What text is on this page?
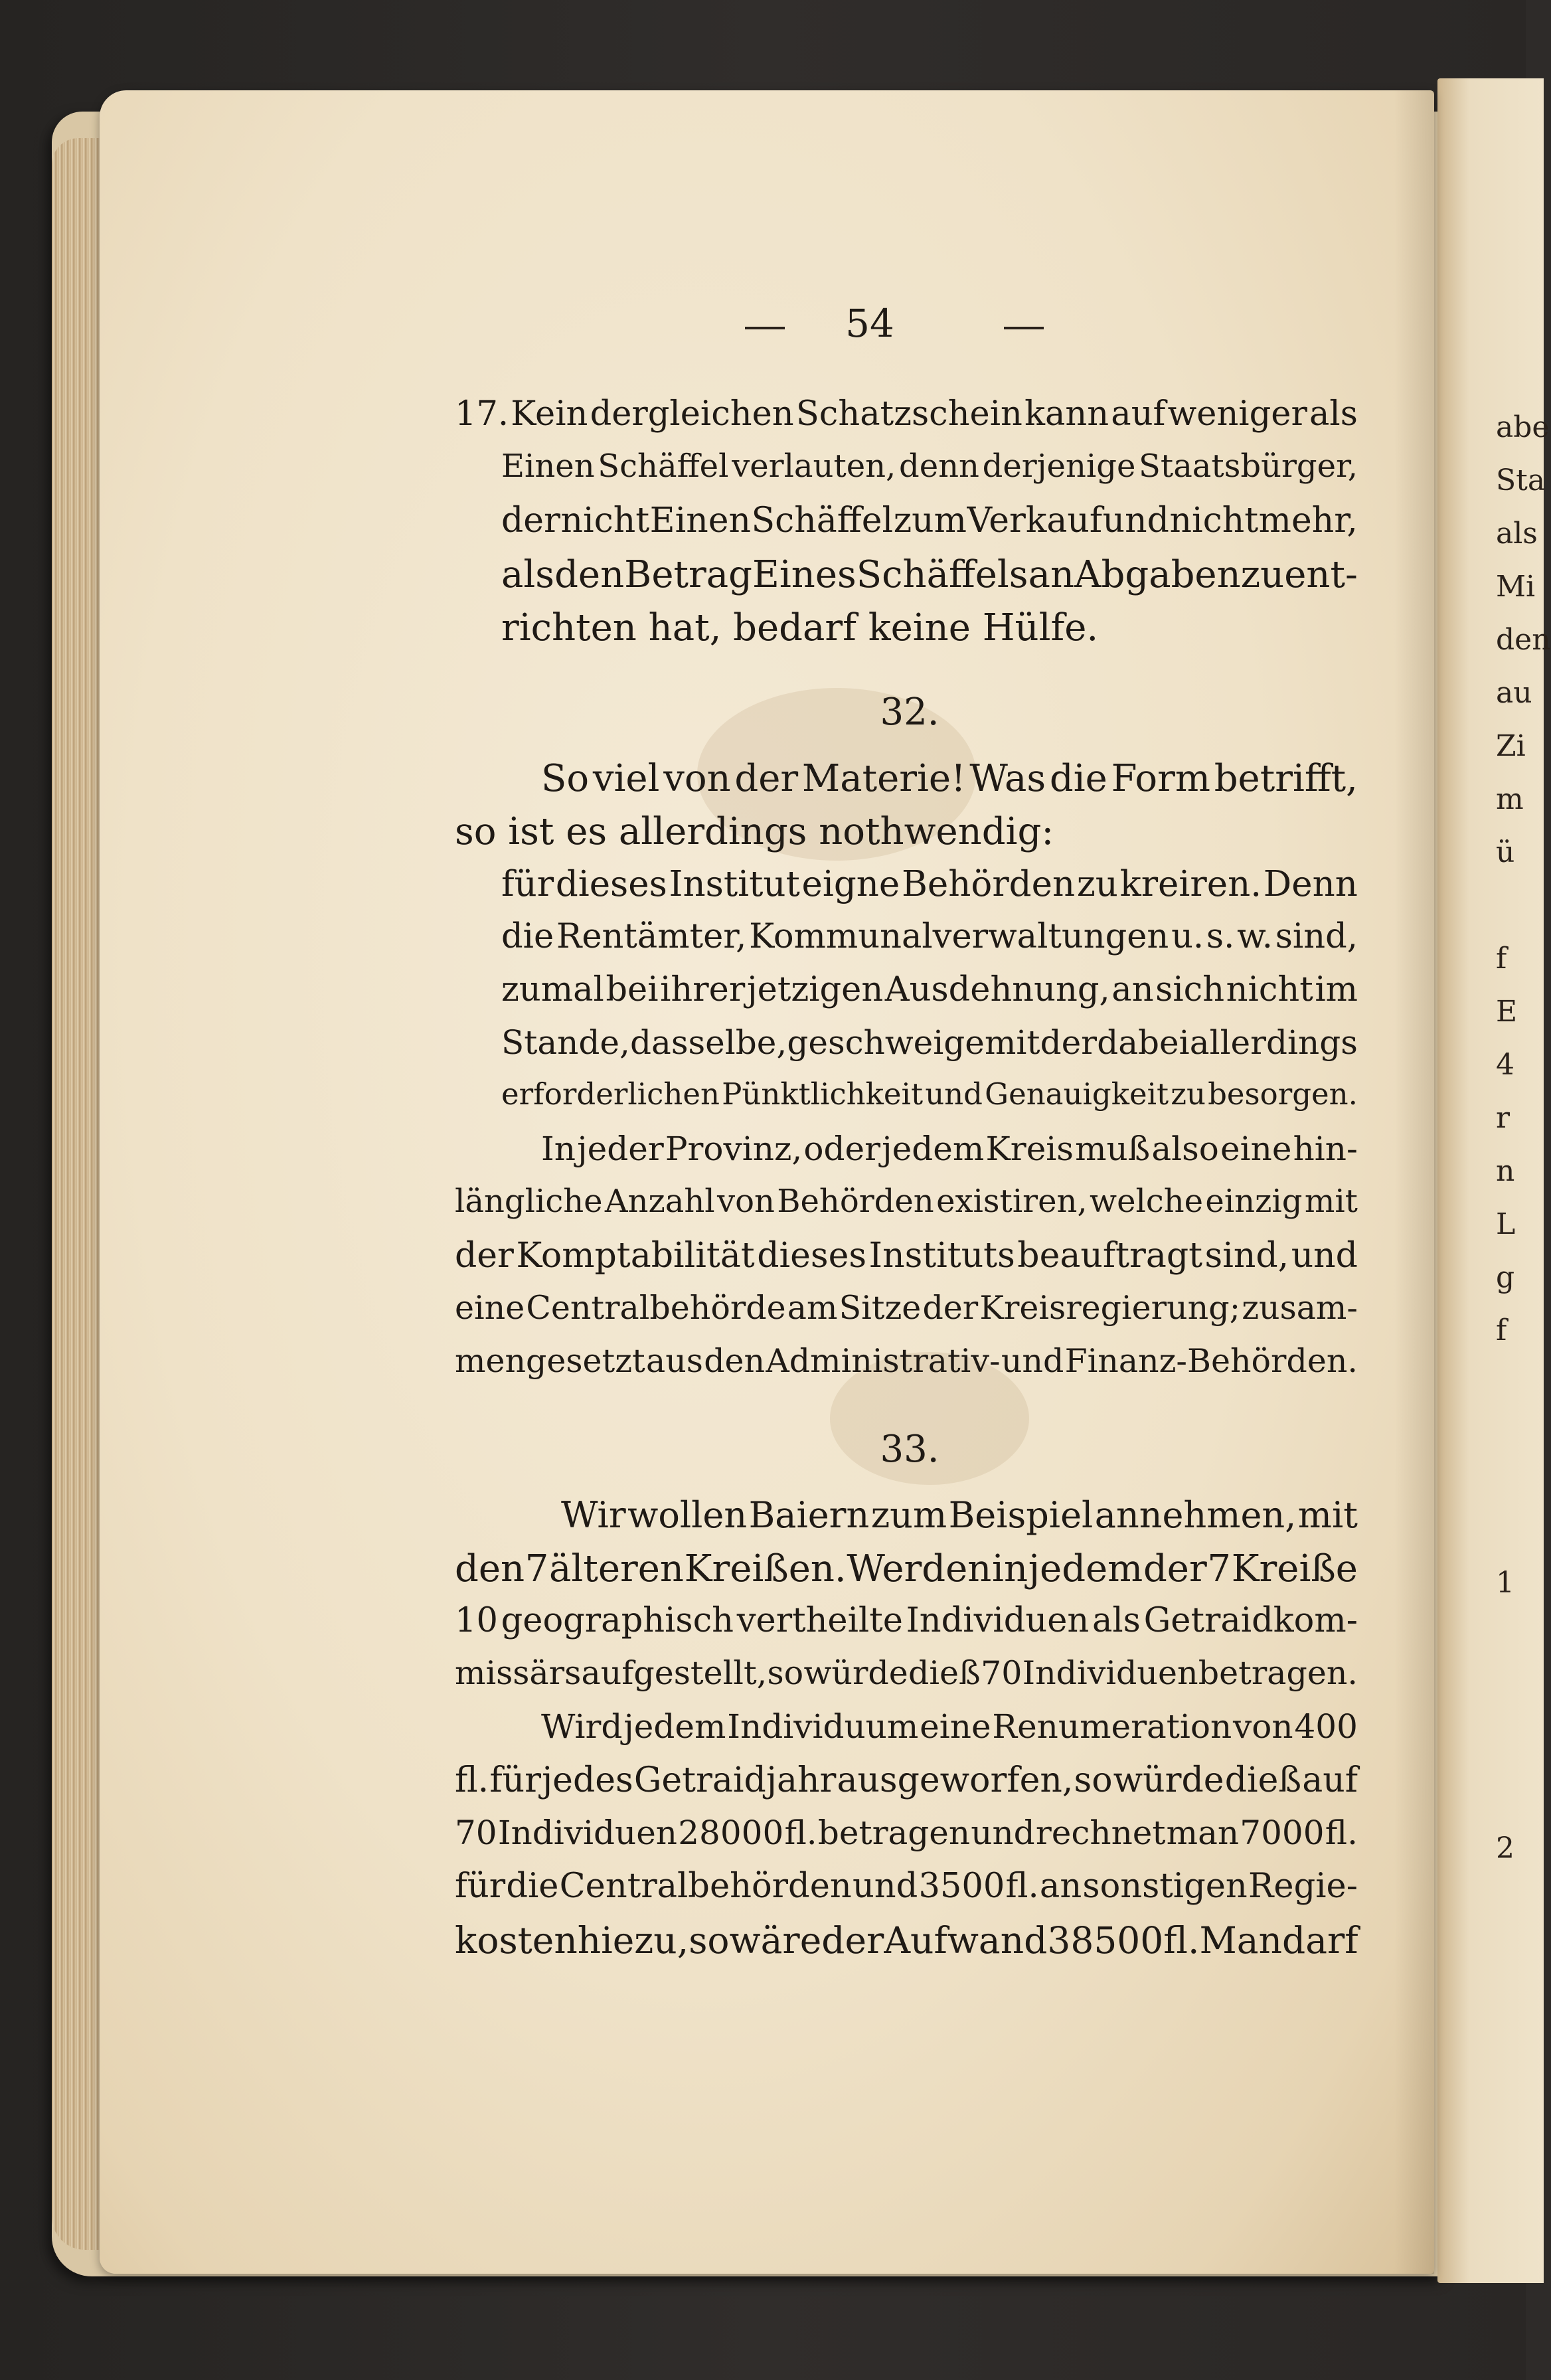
abe
Sta
als
Mi
den
au
Zi
m
ü
f
E
4
r
n
L
g
f
1
2
54
17. Kein dergleichen Schatzschein kann auf weniger als
Einen Schäffel verlauten, denn derjenige Staatsbürger,
der nicht Einen Schäffel zum Verkauf und nicht mehr,
als den Betrag Eines Schäffels an Abgaben zu ent-
richten hat, bedarf keine Hülfe.
32.
So viel von der Materie! Was die Form betrifft,
so ist es allerdings nothwendig:
für dieses Institut eigne Behörden zu kreiren. Denn
die Rentämter, Kommunalverwaltungen u. s. w. sind,
zumal bei ihrer jetzigen Ausdehnung, an sich nicht im
Stande, dasselbe, geschweige mit der dabei allerdings
erforderlichen Pünktlichkeit und Genauigkeit zu besorgen.
In jeder Provinz, oder jedem Kreis muß also eine hin-
längliche Anzahl von Behörden existiren, welche einzig mit
der Komptabilität dieses Instituts beauftragt sind, und
eine Centralbehörde am Sitze der Kreisregierung; zusam-
mengesetzt aus den Administrativ- und Finanz-Behörden.
33.
Wir wollen Baiern zum Beispiel annehmen, mit
den 7 älteren Kreißen. Werden in jedem der 7 Kreiße
10 geographisch vertheilte Individuen als Getraidkom-
missärs aufgestellt, so würde dieß 70 Individuen betragen.
Wird jedem Individuum eine Renumeration von 400
fl. für jedes Getraidjahr ausgeworfen, so würde dieß auf
70 Individuen 28000 fl. betragen und rechnet man 7000 fl.
für die Centralbehörden und 3500 fl. an sonstigen Regie-
kosten hiezu, so wäre der Aufwand 38500 fl. Man darf
